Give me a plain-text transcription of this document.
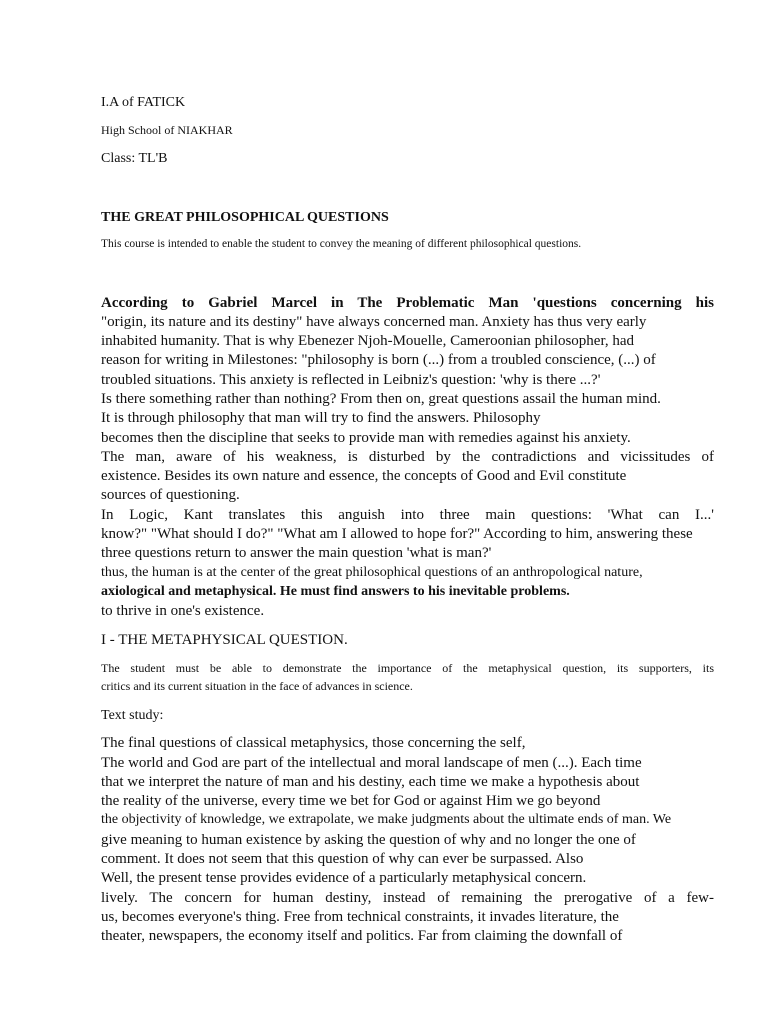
I.A of FATICK
High School of NIAKHAR
Class: TL'B
THE GREAT PHILOSOPHICAL QUESTIONS
This course is intended to enable the student to convey the meaning of different philosophical questions.
According to Gabriel Marcel in The Problematic Man 'questions concerning his
"origin, its nature and its destiny" have always concerned man. Anxiety has thus very early
inhabited humanity. That is why Ebenezer Njoh-Mouelle, Cameroonian philosopher, had
reason for writing in Milestones: "philosophy is born (...) from a troubled conscience, (...) of
troubled situations. This anxiety is reflected in Leibniz's question: 'why is there ...?'
Is there something rather than nothing? From then on, great questions assail the human mind.
It is through philosophy that man will try to find the answers. Philosophy
becomes then the discipline that seeks to provide man with remedies against his anxiety.
The man, aware of his weakness, is disturbed by the contradictions and vicissitudes of
existence. Besides its own nature and essence, the concepts of Good and Evil constitute
sources of questioning.
In Logic, Kant translates this anguish into three main questions: 'What can I...'
know?" "What should I do?" "What am I allowed to hope for?" According to him, answering these
three questions return to answer the main question 'what is man?'
thus, the human is at the center of the great philosophical questions of an anthropological nature,
axiological and metaphysical. He must find answers to his inevitable problems.
to thrive in one's existence.
I - THE METAPHYSICAL QUESTION.
The student must be able to demonstrate the importance of the metaphysical question, its supporters, its
critics and its current situation in the face of advances in science.
Text study:
The final questions of classical metaphysics, those concerning the self,
The world and God are part of the intellectual and moral landscape of men (...). Each time
that we interpret the nature of man and his destiny, each time we make a hypothesis about
the reality of the universe, every time we bet for God or against Him we go beyond
the objectivity of knowledge, we extrapolate, we make judgments about the ultimate ends of man. We
give meaning to human existence by asking the question of why and no longer the one of
comment. It does not seem that this question of why can ever be surpassed. Also
Well, the present tense provides evidence of a particularly metaphysical concern.
lively. The concern for human destiny, instead of remaining the prerogative of a few-
us, becomes everyone's thing. Free from technical constraints, it invades literature, the
theater, newspapers, the economy itself and politics. Far from claiming the downfall of
